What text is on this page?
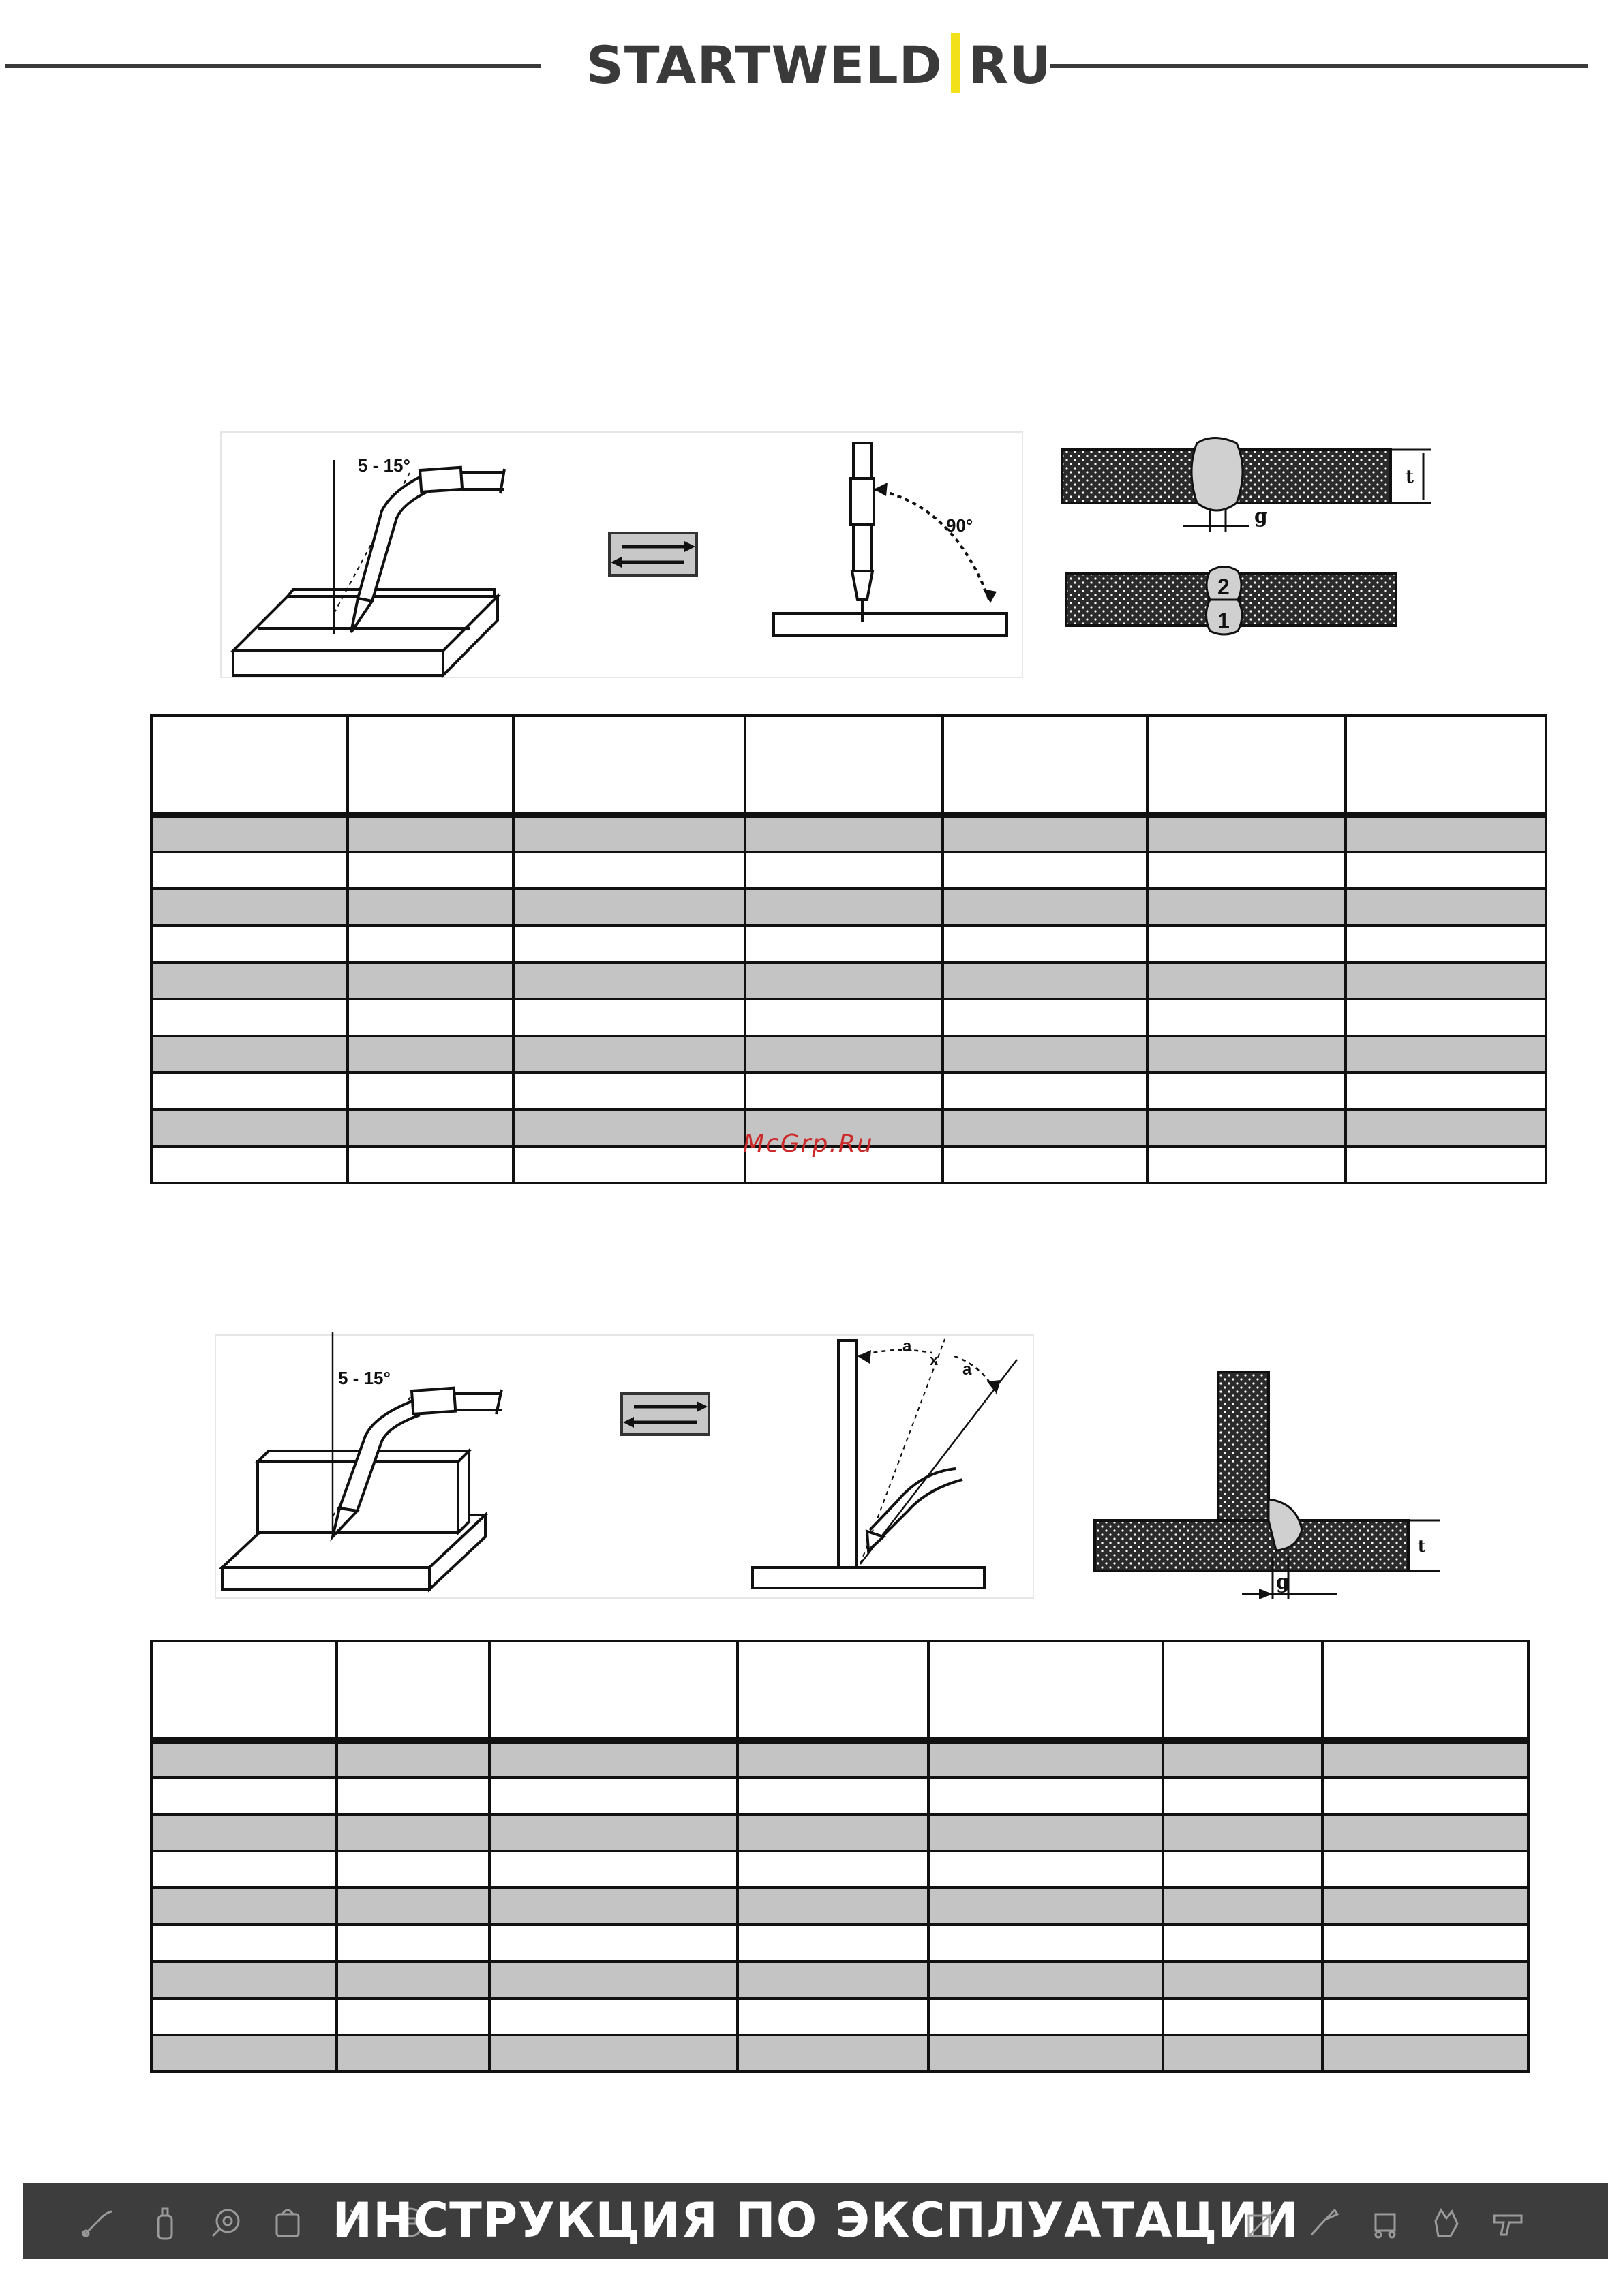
STARTWELD RU
5 - 15°
90°
t
g
2
1

McGrp.Ru
5 - 15°
a
x
a
t
g

ИНСТРУКЦИЯ ПО ЭКСПЛУАТАЦИИ
